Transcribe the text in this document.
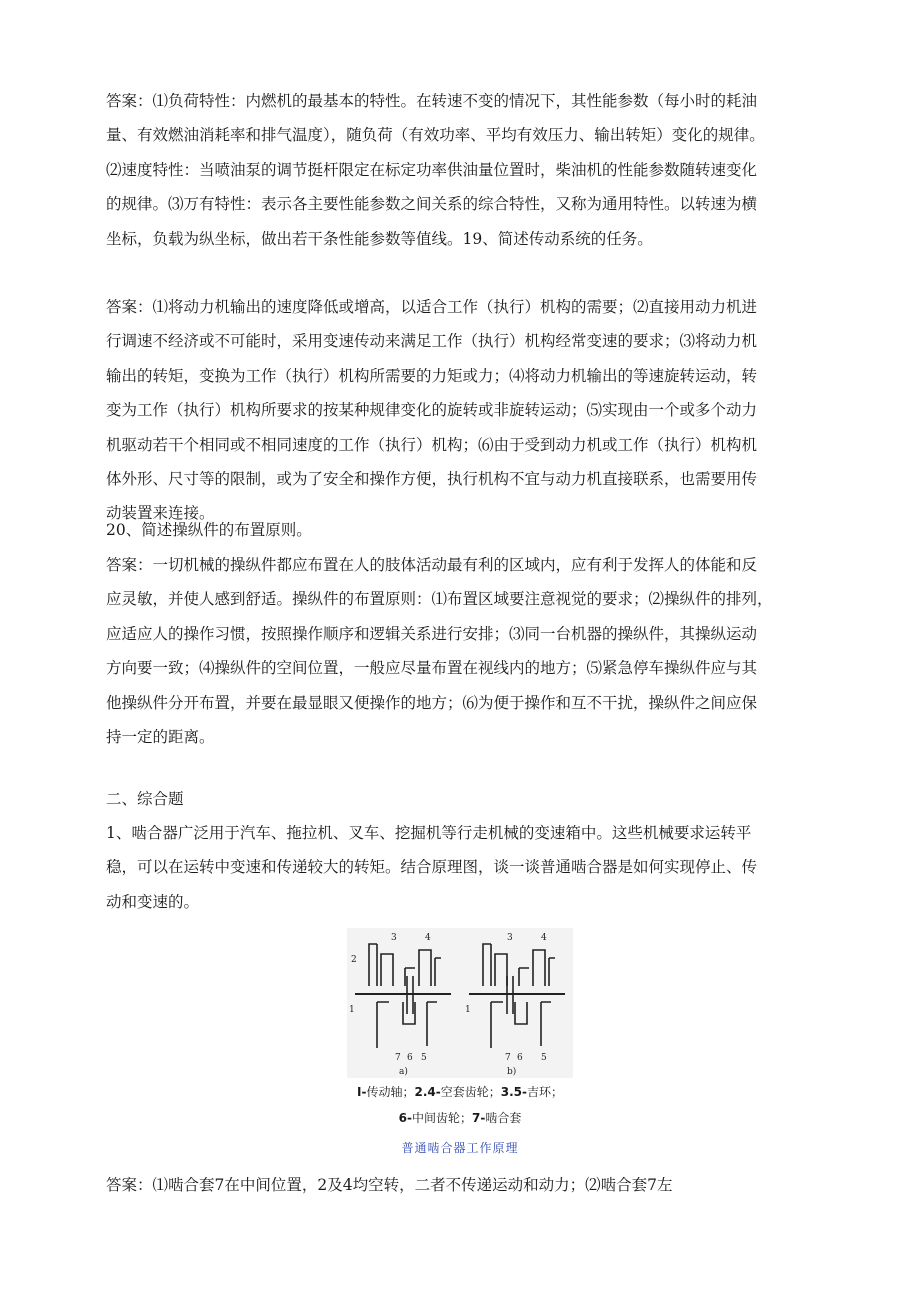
答案：⑴负荷特性：内燃机的最基本的特性。在转速不变的情况下，其性能参数（每小时的耗油

量、有效燃油消耗率和排气温度），随负荷（有效功率、平均有效压力、输出转矩）变化的规律。

⑵速度特性：当喷油泵的调节挺杆限定在标定功率供油量位置时，柴油机的性能参数随转速变化

的规律。⑶万有特性：表示各主要性能参数之间关系的综合特性，又称为通用特性。以转速为横

坐标，负载为纵坐标，做出若干条性能参数等值线。19、简述传动系统的任务。

答案：⑴将动力机输出的速度降低或增高，以适合工作（执行）机构的需要；⑵直接用动力机进

行调速不经济或不可能时，采用变速传动来满足工作（执行）机构经常变速的要求；⑶将动力机

输出的转矩，变换为工作（执行）机构所需要的力矩或力；⑷将动力机输出的等速旋转运动，转

变为工作（执行）机构所要求的按某种规律变化的旋转或非旋转运动；⑸实现由一个或多个动力

机驱动若干个相同或不相同速度的工作（执行）机构；⑹由于受到动力机或工作（执行）机构机

体外形、尺寸等的限制，或为了安全和操作方便，执行机构不宜与动力机直接联系，也需要用传

动装置来连接。

20、简述操纵件的布置原则。

答案：一切机械的操纵件都应布置在人的肢体活动最有利的区域内，应有利于发挥人的体能和反

应灵敏，并使人感到舒适。操纵件的布置原则：⑴布置区域要注意视觉的要求；⑵操纵件的排列，

应适应人的操作习惯，按照操作顺序和逻辑关系进行安排；⑶同一台机器的操纵件，其操纵运动

方向要一致；⑷操纵件的空间位置，一般应尽量布置在视线内的地方；⑸紧急停车操纵件应与其

他操纵件分开布置，并要在最显眼又便操作的地方；⑹为便于操作和互不干扰，操纵件之间应保

持一定的距离。

二、综合题

1、啮合器广泛用于汽车、拖拉机、叉车、挖掘机等行走机械的变速箱中。这些机械要求运转平

稳，可以在运转中变速和传递较大的转矩。结合原理图，谈一谈普通啮合器是如何实现停止、传

动和变速的。

2
3	4
1
7 6 5
a)
3	4
1
7 6 5
b)
I-传动轴；2.4-空套齿轮；3.5-吉环；
6-中间齿轮；7-啮合套
普通啮合器工作原理

答案：⑴啮合套7在中间位置，2及4均空转，二者不传递运动和动力；⑵啮合套7左
